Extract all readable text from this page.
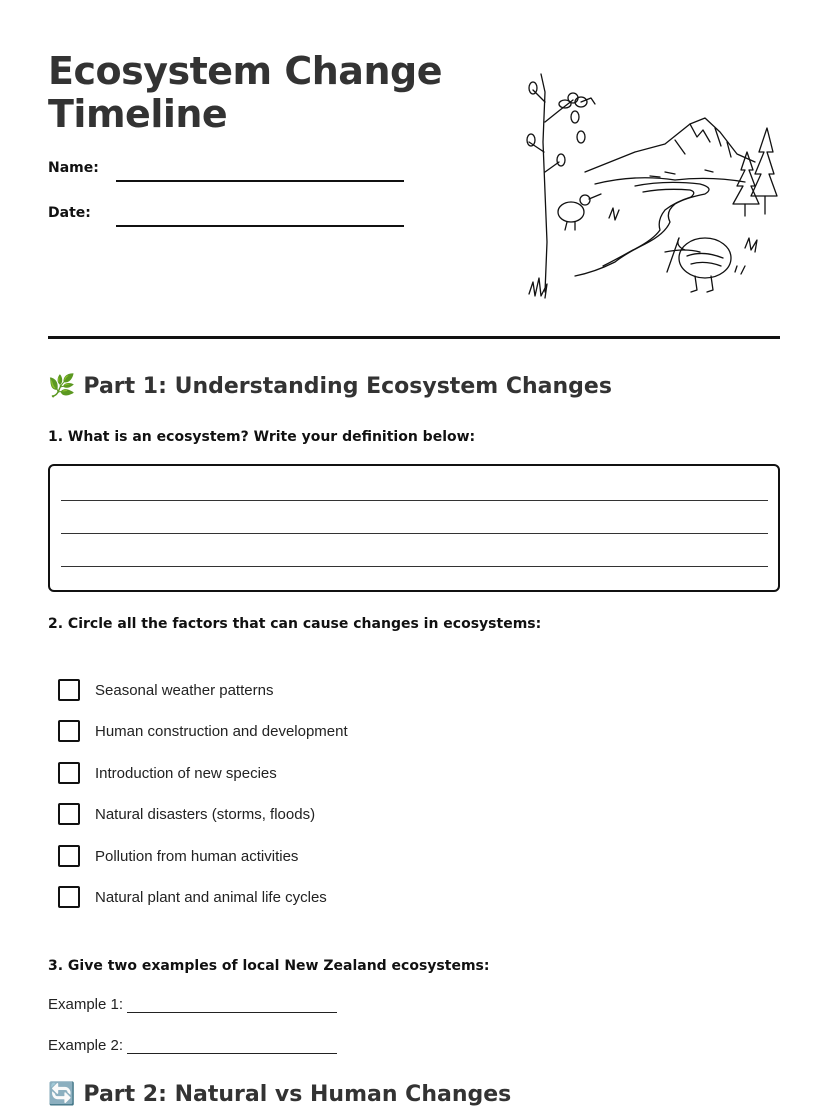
Ecosystem Change Timeline
Name:
Date:
🌿 Part 1: Understanding Ecosystem Changes
1. What is an ecosystem? Write your definition below:
2. Circle all the factors that can cause changes in ecosystems:
Seasonal weather patterns
Human construction and development
Introduction of new species
Natural disasters (storms, floods)
Pollution from human activities
Natural plant and animal life cycles
3. Give two examples of local New Zealand ecosystems:
Example 1:
Example 2:
🔄 Part 2: Natural vs Human Changes
